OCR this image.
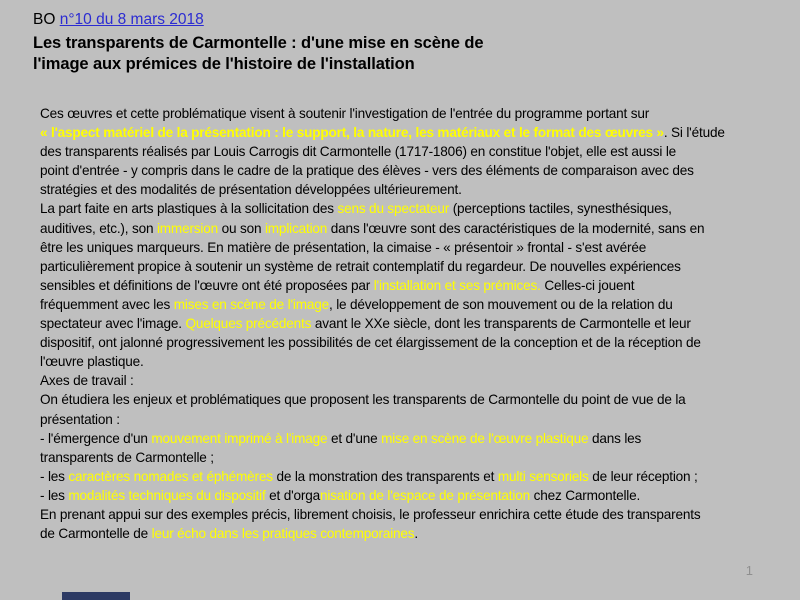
BO n°10 du 8 mars 2018
Les transparents de Carmontelle : d'une mise en scène de
l'image aux prémices de l'histoire de l'installation
Ces œuvres et cette problématique visent à soutenir l'investigation de l'entrée du programme portant sur
« l'aspect matériel de la présentation : le support, la nature, les matériaux et le format des œuvres ». Si l'étude
des transparents réalisés par Louis Carrogis dit Carmontelle (1717-1806) en constitue l'objet, elle est aussi le
point d'entrée - y compris dans le cadre de la pratique des élèves - vers des éléments de comparaison avec des
stratégies et des modalités de présentation développées ultérieurement.
La part faite en arts plastiques à la sollicitation des sens du spectateur (perceptions tactiles, synesthésiques,
auditives, etc.), son immersion ou son implication dans l'œuvre sont des caractéristiques de la modernité, sans en
être les uniques marqueurs. En matière de présentation, la cimaise - « présentoir » frontal - s'est avérée
particulièrement propice à soutenir un système de retrait contemplatif du regardeur. De nouvelles expériences
sensibles et définitions de l'œuvre ont été proposées par l'installation et ses prémices. Celles-ci jouent
fréquemment avec les mises en scène de l'image, le développement de son mouvement ou de la relation du
spectateur avec l'image. Quelques précédents avant le XXe siècle, dont les transparents de Carmontelle et leur
dispositif, ont jalonné progressivement les possibilités de cet élargissement de la conception et de la réception de
l'œuvre plastique.
Axes de travail :
On étudiera les enjeux et problématiques que proposent les transparents de Carmontelle du point de vue de la
présentation :
- l'émergence d'un mouvement imprimé à l'image et d'une mise en scène de l'œuvre plastique dans les
transparents de Carmontelle ;
- les caractères nomades et éphémères de la monstration des transparents et multi sensoriels de leur réception ;
- les modalités techniques du dispositif et d'organisation de l'espace de présentation chez Carmontelle.
En prenant appui sur des exemples précis, librement choisis, le professeur enrichira cette étude des transparents
de Carmontelle de leur écho dans les pratiques contemporaines.
1
